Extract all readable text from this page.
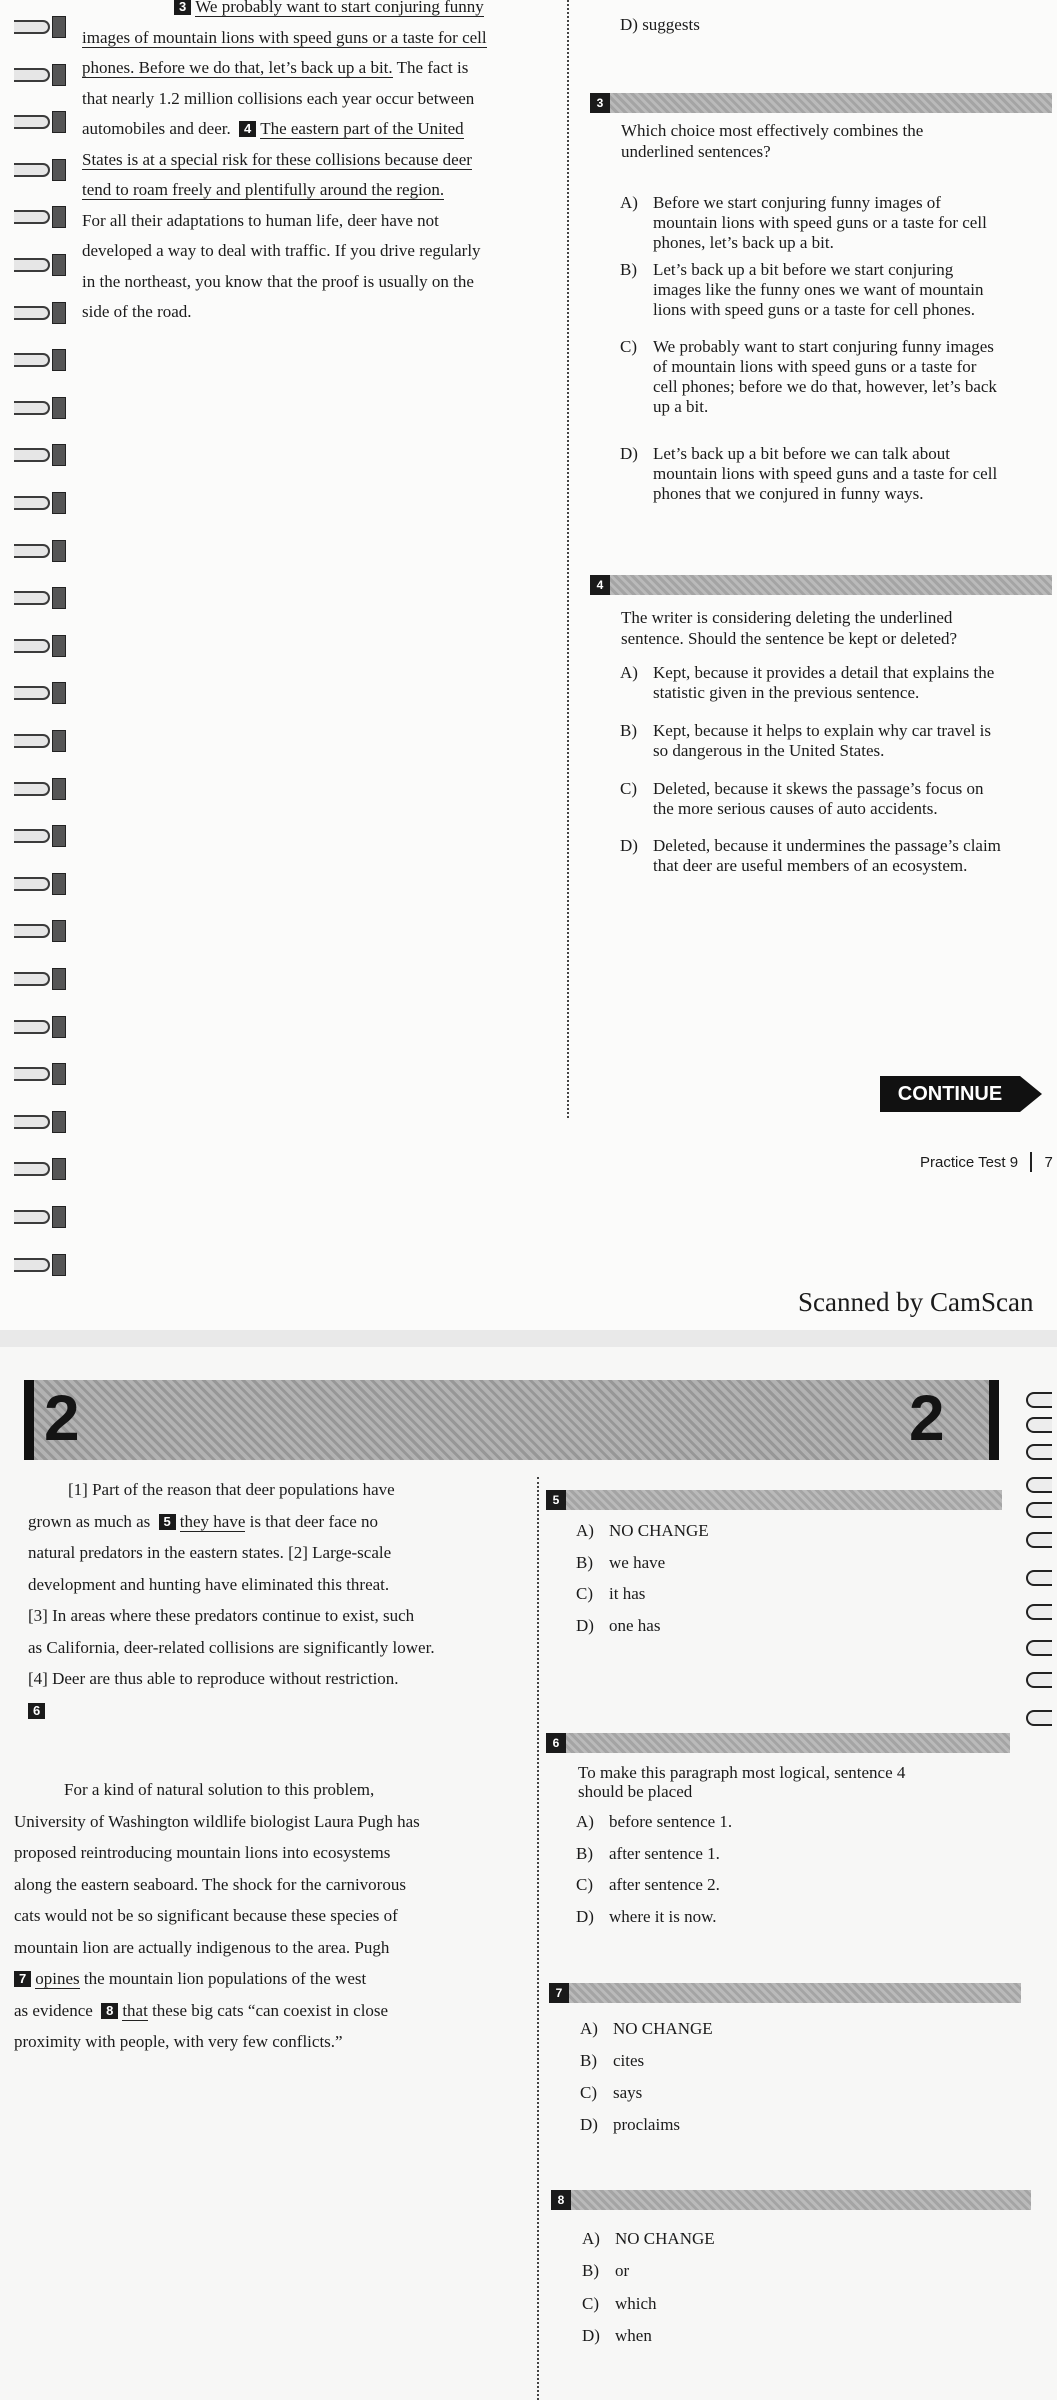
3 We probably want to start conjuring funny
images of mountain lions with speed guns or a taste for cell
phones. Before we do that, let’s back up a bit. The fact is
that nearly 1.2 million collisions each year occur between
automobiles and deer. 4 The eastern part of the United
States is at a special risk for these collisions because deer
tend to roam freely and plentifully around the region.
For all their adaptations to human life, deer have not
developed a way to deal with traffic. If you drive regularly
in the northeast, you know that the proof is usually on the
side of the road.
D) suggests
3
Which choice most effectively combines the
underlined sentences?
A) Before we start conjuring funny images of
mountain lions with speed guns or a taste for cell
phones, let’s back up a bit.
B) Let’s back up a bit before we start conjuring
images like the funny ones we want of mountain
lions with speed guns or a taste for cell phones.
C) We probably want to start conjuring funny images
of mountain lions with speed guns or a taste for
cell phones; before we do that, however, let’s back
up a bit.
D) Let’s back up a bit before we can talk about
mountain lions with speed guns and a taste for cell
phones that we conjured in funny ways.
4
The writer is considering deleting the underlined
sentence. Should the sentence be kept or deleted?
A) Kept, because it provides a detail that explains the
statistic given in the previous sentence.
B) Kept, because it helps to explain why car travel is
so dangerous in the United States.
C) Deleted, because it skews the passage’s focus on
the more serious causes of auto accidents.
D) Deleted, because it undermines the passage’s claim
that deer are useful members of an ecosystem.
CONTINUE
Practice Test 9 7
Scanned by CamScan
2	2
[1] Part of the reason that deer populations have
grown as much as 5 they have is that deer face no
natural predators in the eastern states. [2] Large-scale
development and hunting have eliminated this threat.
[3] In areas where these predators continue to exist, such
as California, deer-related collisions are significantly lower.
[4] Deer are thus able to reproduce without restriction.
6
For a kind of natural solution to this problem,
University of Washington wildlife biologist Laura Pugh has
proposed reintroducing mountain lions into ecosystems
along the eastern seaboard. The shock for the carnivorous
cats would not be so significant because these species of
mountain lion are actually indigenous to the area. Pugh
7 opines the mountain lion populations of the west
as evidence 8 that these big cats “can coexist in close
proximity with people, with very few conflicts.”
5
A) NO CHANGE
B) we have
C) it has
D) one has
6
To make this paragraph most logical, sentence 4
should be placed
A) before sentence 1.
B) after sentence 1.
C) after sentence 2.
D) where it is now.
7
A) NO CHANGE
B) cites
C) says
D) proclaims
8
A) NO CHANGE
B) or
C) which
D) when
